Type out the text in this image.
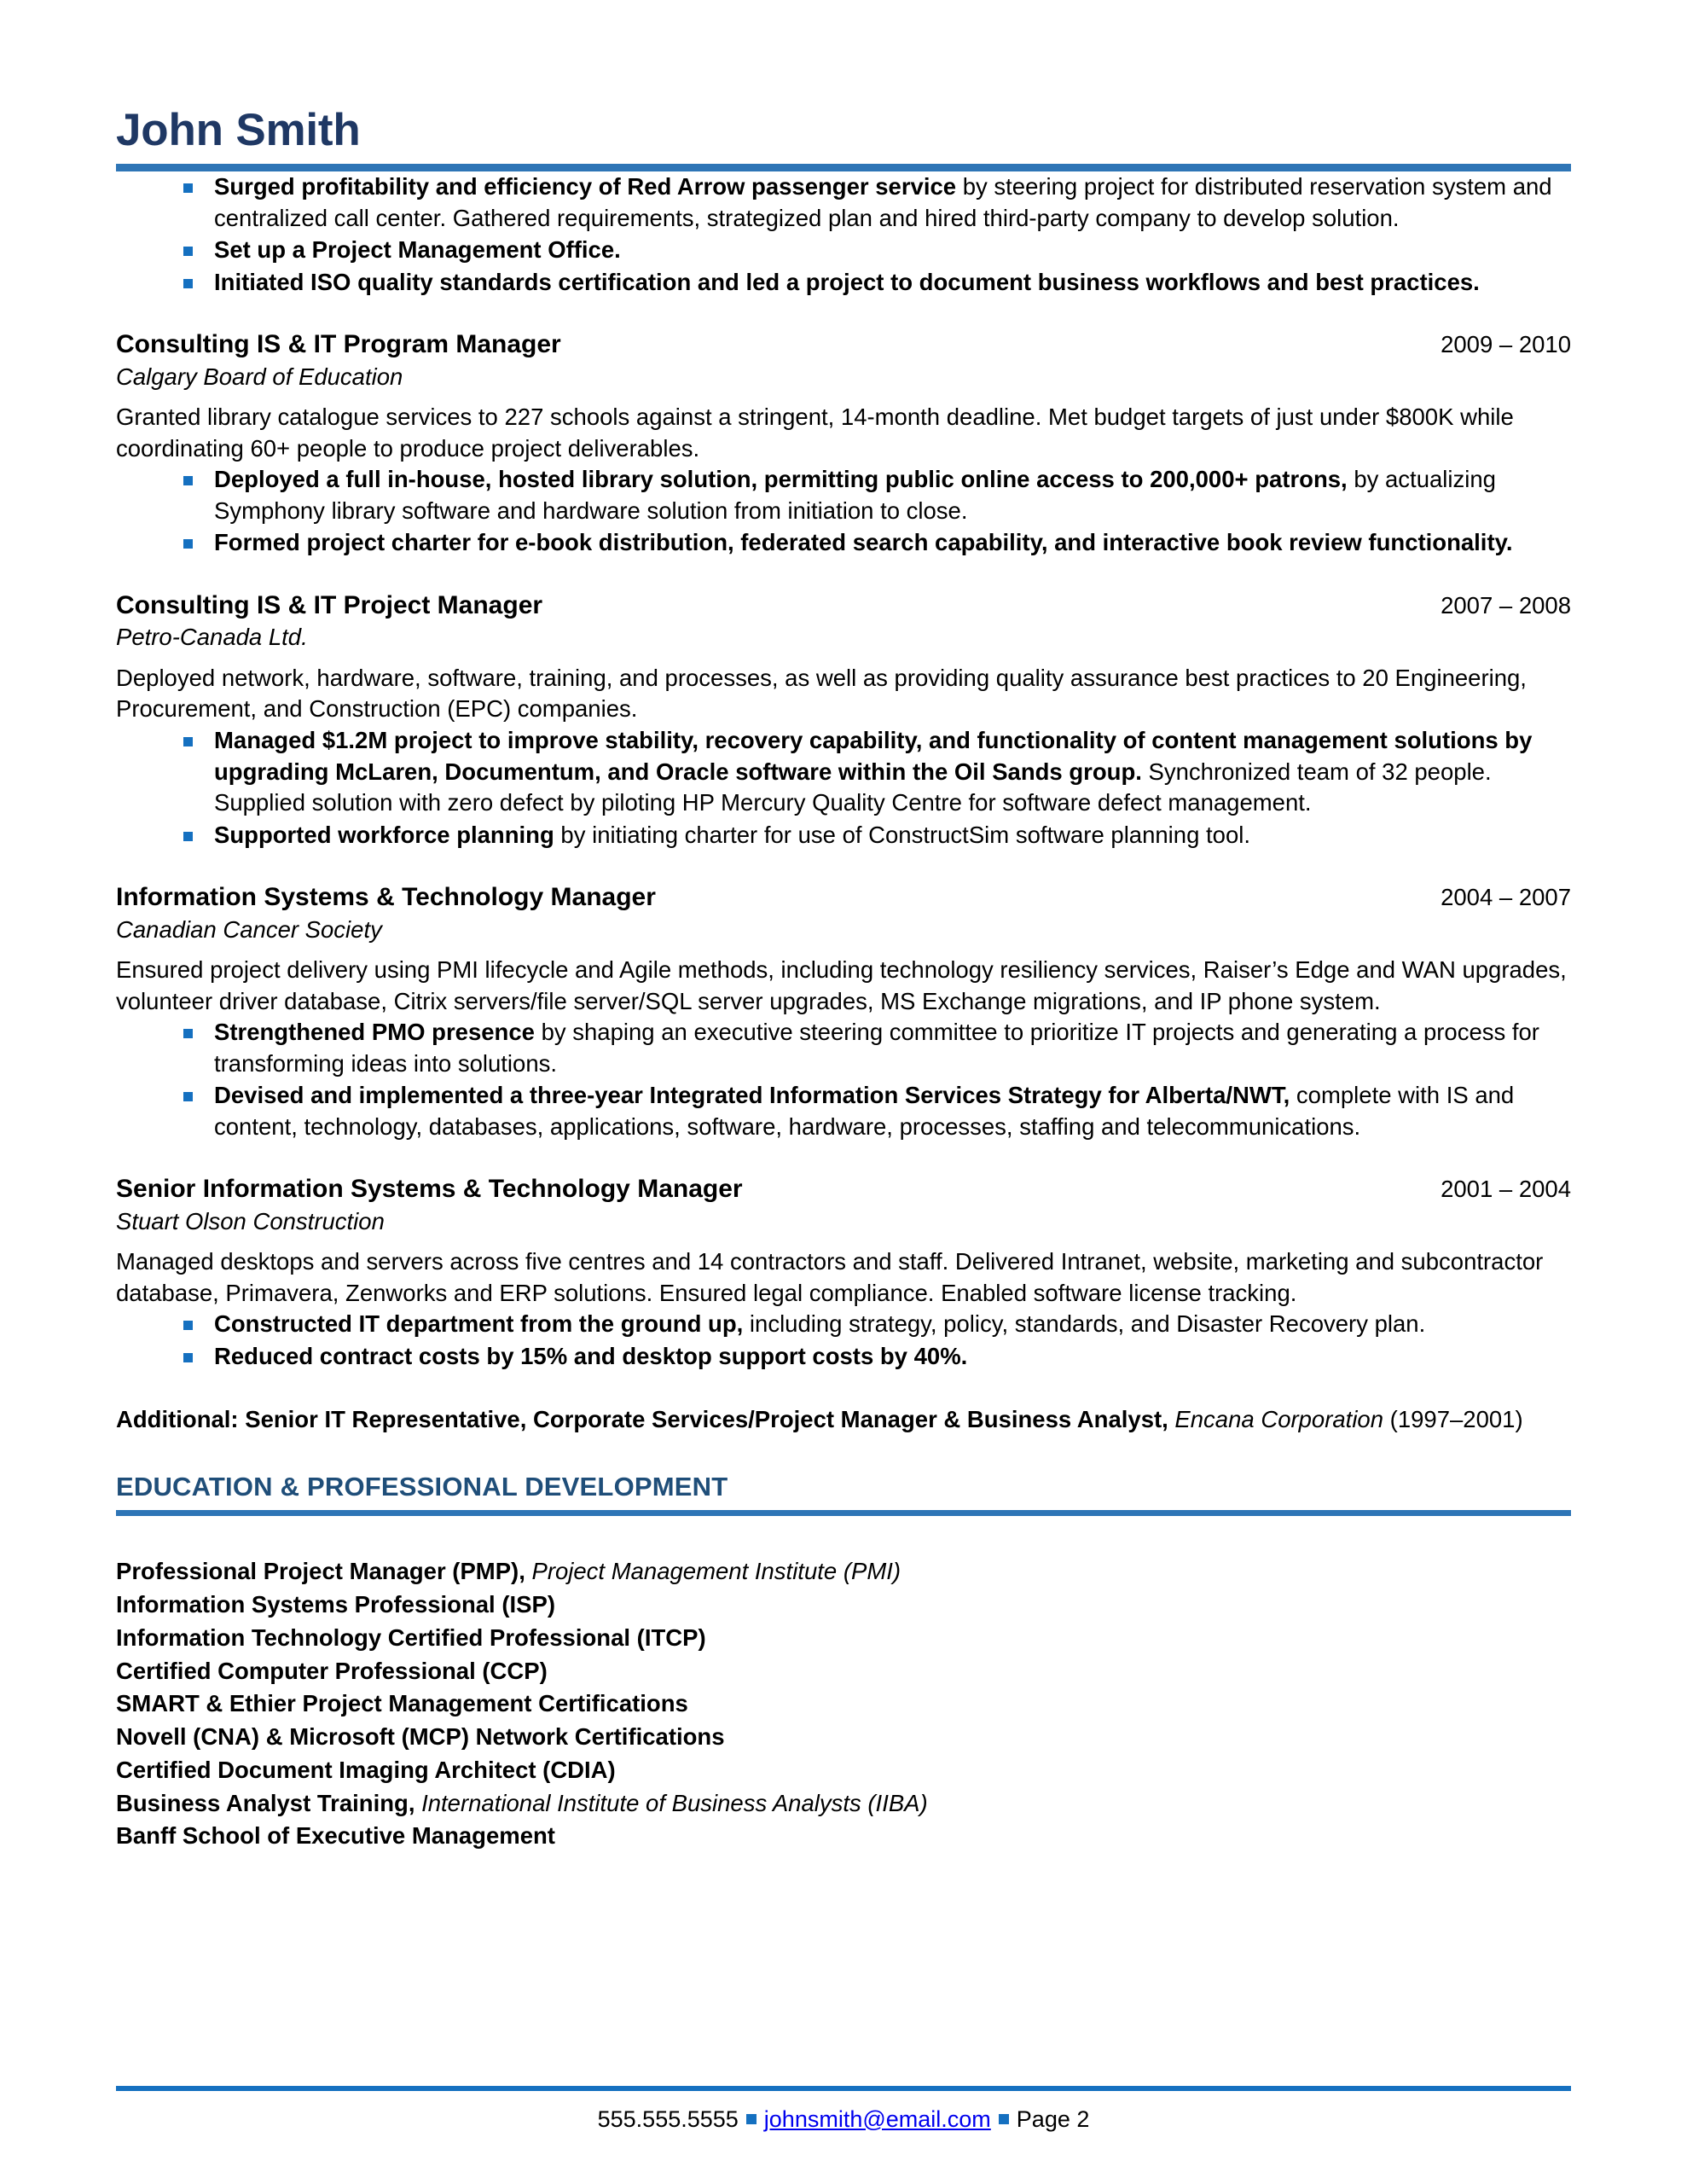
John Smith
Surged profitability and efficiency of Red Arrow passenger service by steering project for distributed reservation system and centralized call center. Gathered requirements, strategized plan and hired third-party company to develop solution.
Set up a Project Management Office.
Initiated ISO quality standards certification and led a project to document business workflows and best practices.
Consulting IS & IT Program Manager	2009 – 2010
Calgary Board of Education
Granted library catalogue services to 227 schools against a stringent, 14-month deadline. Met budget targets of just under $800K while coordinating 60+ people to produce project deliverables.
Deployed a full in-house, hosted library solution, permitting public online access to 200,000+ patrons, by actualizing Symphony library software and hardware solution from initiation to close.
Formed project charter for e-book distribution, federated search capability, and interactive book review functionality.
Consulting IS & IT Project Manager	2007 – 2008
Petro-Canada Ltd.
Deployed network, hardware, software, training, and processes, as well as providing quality assurance best practices to 20 Engineering, Procurement, and Construction (EPC) companies.
Managed $1.2M project to improve stability, recovery capability, and functionality of content management solutions by upgrading McLaren, Documentum, and Oracle software within the Oil Sands group. Synchronized team of 32 people. Supplied solution with zero defect by piloting HP Mercury Quality Centre for software defect management.
Supported workforce planning by initiating charter for use of ConstructSim software planning tool.
Information Systems & Technology Manager	2004 – 2007
Canadian Cancer Society
Ensured project delivery using PMI lifecycle and Agile methods, including technology resiliency services, Raiser’s Edge and WAN upgrades, volunteer driver database, Citrix servers/file server/SQL server upgrades, MS Exchange migrations, and IP phone system.
Strengthened PMO presence by shaping an executive steering committee to prioritize IT projects and generating a process for transforming ideas into solutions.
Devised and implemented a three-year Integrated Information Services Strategy for Alberta/NWT, complete with IS and content, technology, databases, applications, software, hardware, processes, staffing and telecommunications.
Senior Information Systems & Technology Manager	2001 – 2004
Stuart Olson Construction
Managed desktops and servers across five centres and 14 contractors and staff. Delivered Intranet, website, marketing and subcontractor database, Primavera, Zenworks and ERP solutions. Ensured legal compliance. Enabled software license tracking.
Constructed IT department from the ground up, including strategy, policy, standards, and Disaster Recovery plan.
Reduced contract costs by 15% and desktop support costs by 40%.
Additional: Senior IT Representative, Corporate Services/Project Manager & Business Analyst, Encana Corporation (1997–2001)
EDUCATION & PROFESSIONAL DEVELOPMENT
Professional Project Manager (PMP), Project Management Institute (PMI)
Information Systems Professional (ISP)
Information Technology Certified Professional (ITCP)
Certified Computer Professional (CCP)
SMART & Ethier Project Management Certifications
Novell (CNA) & Microsoft (MCP) Network Certifications
Certified Document Imaging Architect (CDIA)
Business Analyst Training, International Institute of Business Analysts (IIBA)
Banff School of Executive Management
555.555.5555 johnsmith@email.com Page 2
